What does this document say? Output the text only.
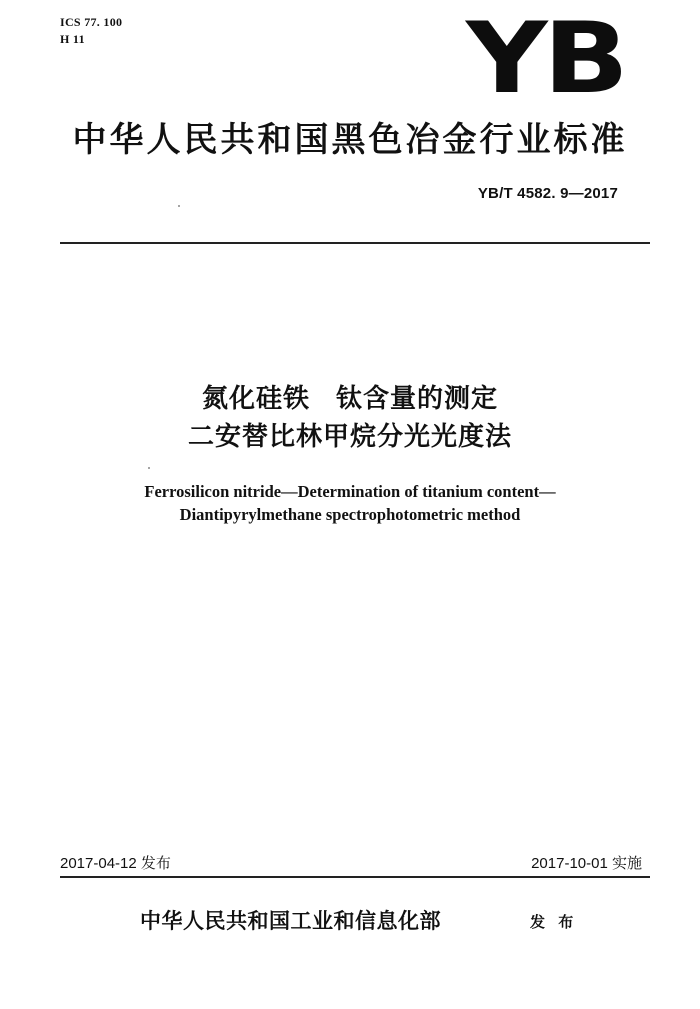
ICS 77. 100
H 11	YB
中华人民共和国黑色冶金行业标准
YB/T 4582. 9—2017
氮化硅铁 钛含量的测定
二安替比林甲烷分光光度法
Ferrosilicon nitride—Determination of titanium content—
Diantipyrylmethane spectrophotometric method
2017-04-12 发布	2017-10-01 实施
中华人民共和国工业和信息化部	发 布
